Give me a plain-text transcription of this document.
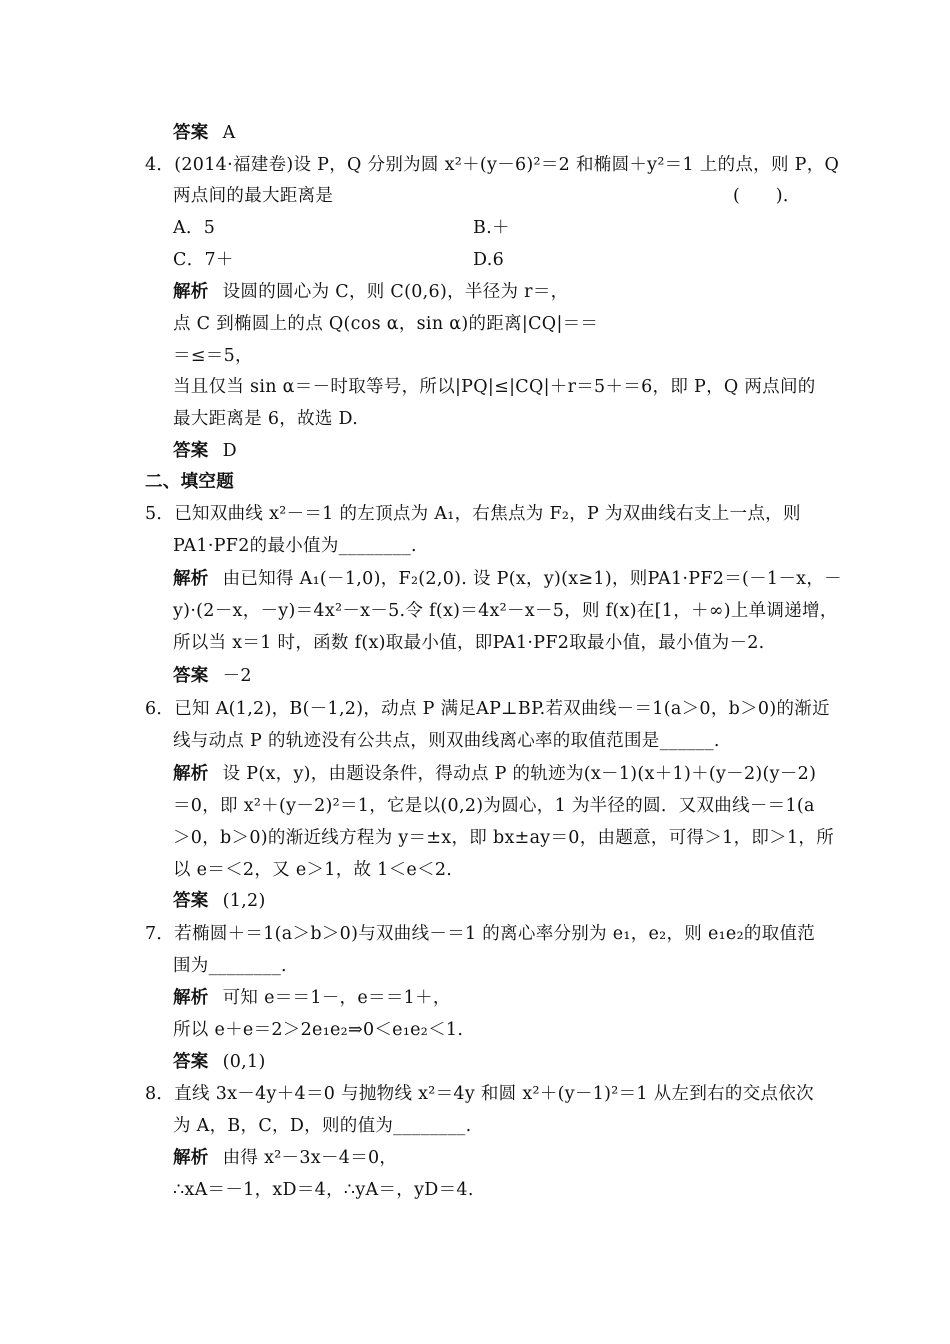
答案 A
4．(2014·福建卷)设 P，Q 分别为圆 x²＋(y－6)²＝2 和椭圆＋y²＝1 上的点，则 P，Q
两点间的最大距离是	(　　)．
A．5	B.＋
C．7＋	D.6
解析 设圆的圆心为 C，则 C(0,6)，半径为 r＝，
点 C 到椭圆上的点 Q(cos α，sin α)的距离|CQ|＝＝
＝≤＝5，
当且仅当 sin α＝－时取等号，所以|PQ|≤|CQ|＋r＝5＋＝6，即 P，Q 两点间的
最大距离是 6，故选 D.
答案 D
二、填空题
5．已知双曲线 x²－＝1 的左顶点为 A₁，右焦点为 F₂，P 为双曲线右支上一点，则
PA1·PF2的最小值为________.
解析 由已知得 A₁(－1,0)，F₂(2,0). 设 P(x，y)(x≥1)，则PA1·PF2＝(－1－x，－
y)·(2－x，－y)＝4x²－x－5.令 f(x)＝4x²－x－5，则 f(x)在[1，＋∞)上单调递增，
所以当 x＝1 时，函数 f(x)取最小值，即PA1·PF2取最小值，最小值为－2.
答案 －2
6．已知 A(1,2)，B(－1,2)，动点 P 满足AP⊥BP.若双曲线－＝1(a＞0，b＞0)的渐近
线与动点 P 的轨迹没有公共点，则双曲线离心率的取值范围是______.
解析 设 P(x，y)，由题设条件，得动点 P 的轨迹为(x－1)(x＋1)＋(y－2)(y－2)
＝0，即 x²＋(y－2)²＝1，它是以(0,2)为圆心，1 为半径的圆．又双曲线－＝1(a
＞0，b＞0)的渐近线方程为 y＝±x，即 bx±ay＝0，由题意，可得＞1，即＞1，所
以 e＝＜2，又 e＞1，故 1＜e＜2.
答案 (1,2)
7．若椭圆＋＝1(a＞b＞0)与双曲线－＝1 的离心率分别为 e₁，e₂，则 e₁e₂的取值范
围为________.
解析 可知 e＝＝1－，e＝＝1＋，
所以 e＋e＝2＞2e₁e₂⇒0＜e₁e₂＜1.
答案 (0,1)
8．直线 3x－4y＋4＝0 与抛物线 x²＝4y 和圆 x²＋(y－1)²＝1 从左到右的交点依次
为 A，B，C，D，则的值为________.
解析 由得 x²－3x－4＝0，
∴xA＝－1，xD＝4，∴yA＝，yD＝4.
